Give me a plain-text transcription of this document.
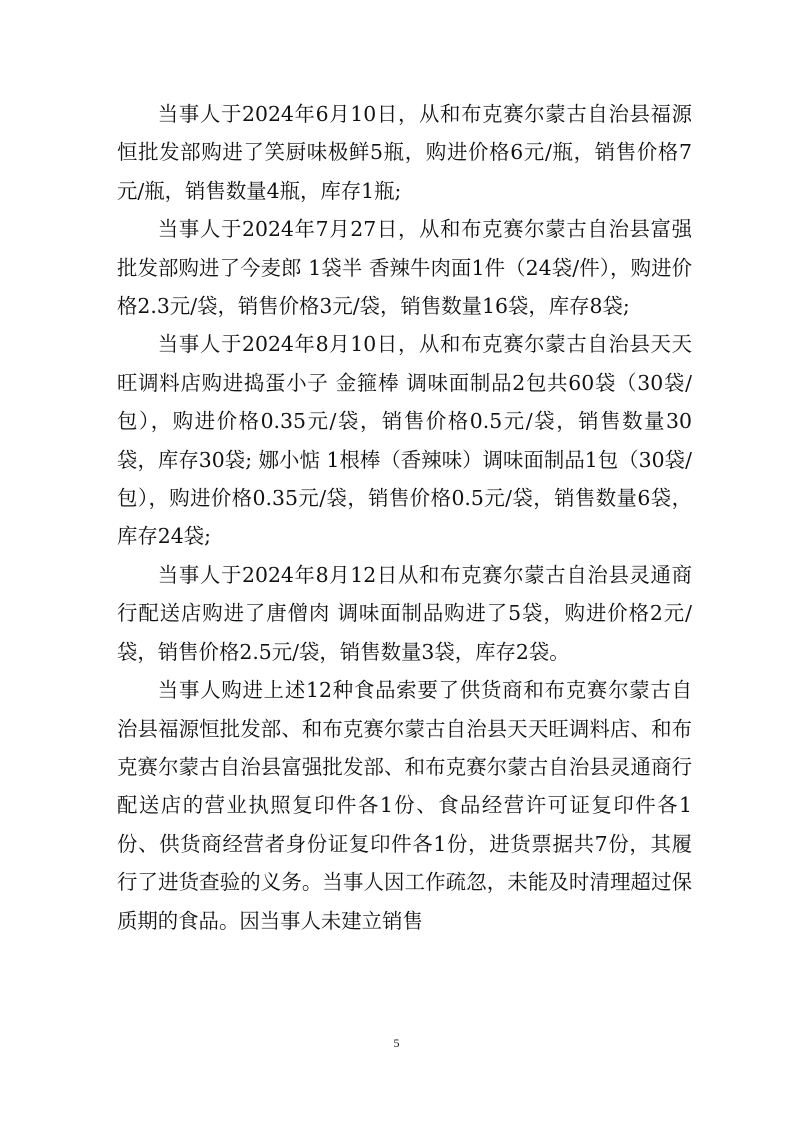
当事人于2024年6月10日，从和布克赛尔蒙古自治县福源恒批发部购进了笑厨味极鲜5瓶，购进价格6元/瓶，销售价格7元/瓶，销售数量4瓶，库存1瓶;

当事人于2024年7月27日，从和布克赛尔蒙古自治县富强批发部购进了今麦郎 1袋半 香辣牛肉面1件（24袋/件），购进价格2.3元/袋，销售价格3元/袋，销售数量16袋，库存8袋;

当事人于2024年8月10日，从和布克赛尔蒙古自治县天天旺调料店购进捣蛋小子 金箍棒 调味面制品2包共60袋（30袋/包），购进价格0.35元/袋，销售价格0.5元/袋，销售数量30袋，库存30袋; 娜小惦 1根棒（香辣味）调味面制品1包（30袋/包），购进价格0.35元/袋，销售价格0.5元/袋，销售数量6袋，库存24袋;

当事人于2024年8月12日从和布克赛尔蒙古自治县灵通商行配送店购进了唐僧肉 调味面制品购进了5袋，购进价格2元/袋，销售价格2.5元/袋，销售数量3袋，库存2袋。

当事人购进上述12种食品索要了供货商和布克赛尔蒙古自治县福源恒批发部、和布克赛尔蒙古自治县天天旺调料店、和布克赛尔蒙古自治县富强批发部、和布克赛尔蒙古自治县灵通商行配送店的营业执照复印件各1份、食品经营许可证复印件各1份、供货商经营者身份证复印件各1份，进货票据共7份，其履行了进货查验的义务。当事人因工作疏忽，未能及时清理超过保质期的食品。因当事人未建立销售

5
